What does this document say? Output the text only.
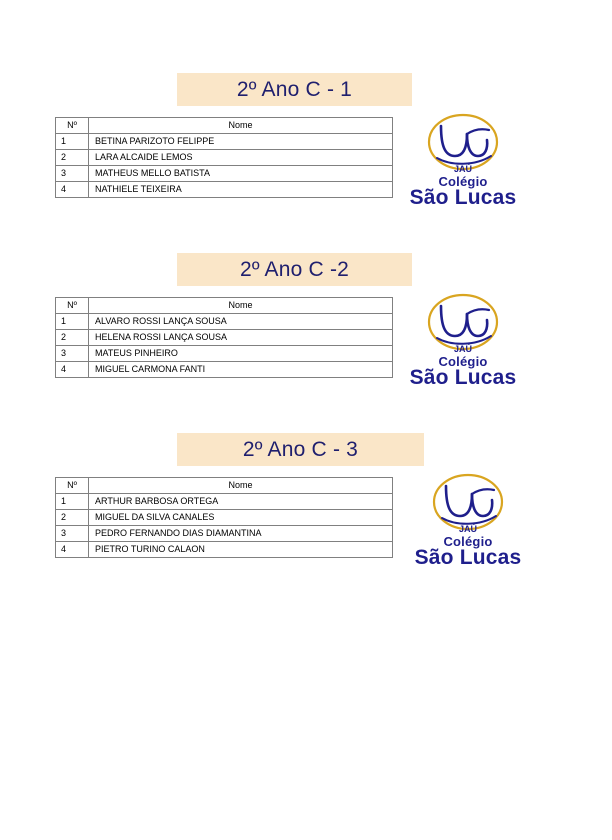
2º Ano C - 1
Nº	Nome
1	BETINA PARIZOTO FELIPPE
2	LARA ALCAIDE LEMOS
3	MATHEUS MELLO BATISTA
4	NATHIELE TEIXEIRA
JAÚ
Colégio
São Lucas
2º Ano C -2
Nº	Nome
1	ALVARO ROSSI LANÇA SOUSA
2	HELENA ROSSI LANÇA SOUSA
3	MATEUS PINHEIRO
4	MIGUEL CARMONA FANTI
JAÚ
Colégio
São Lucas
2º Ano C - 3
Nº	Nome
1	ARTHUR BARBOSA ORTEGA
2	MIGUEL DA SILVA CANALES
3	PEDRO FERNANDO DIAS DIAMANTINA
4	PIETRO TURINO CALAON
JAÚ
Colégio
São Lucas
